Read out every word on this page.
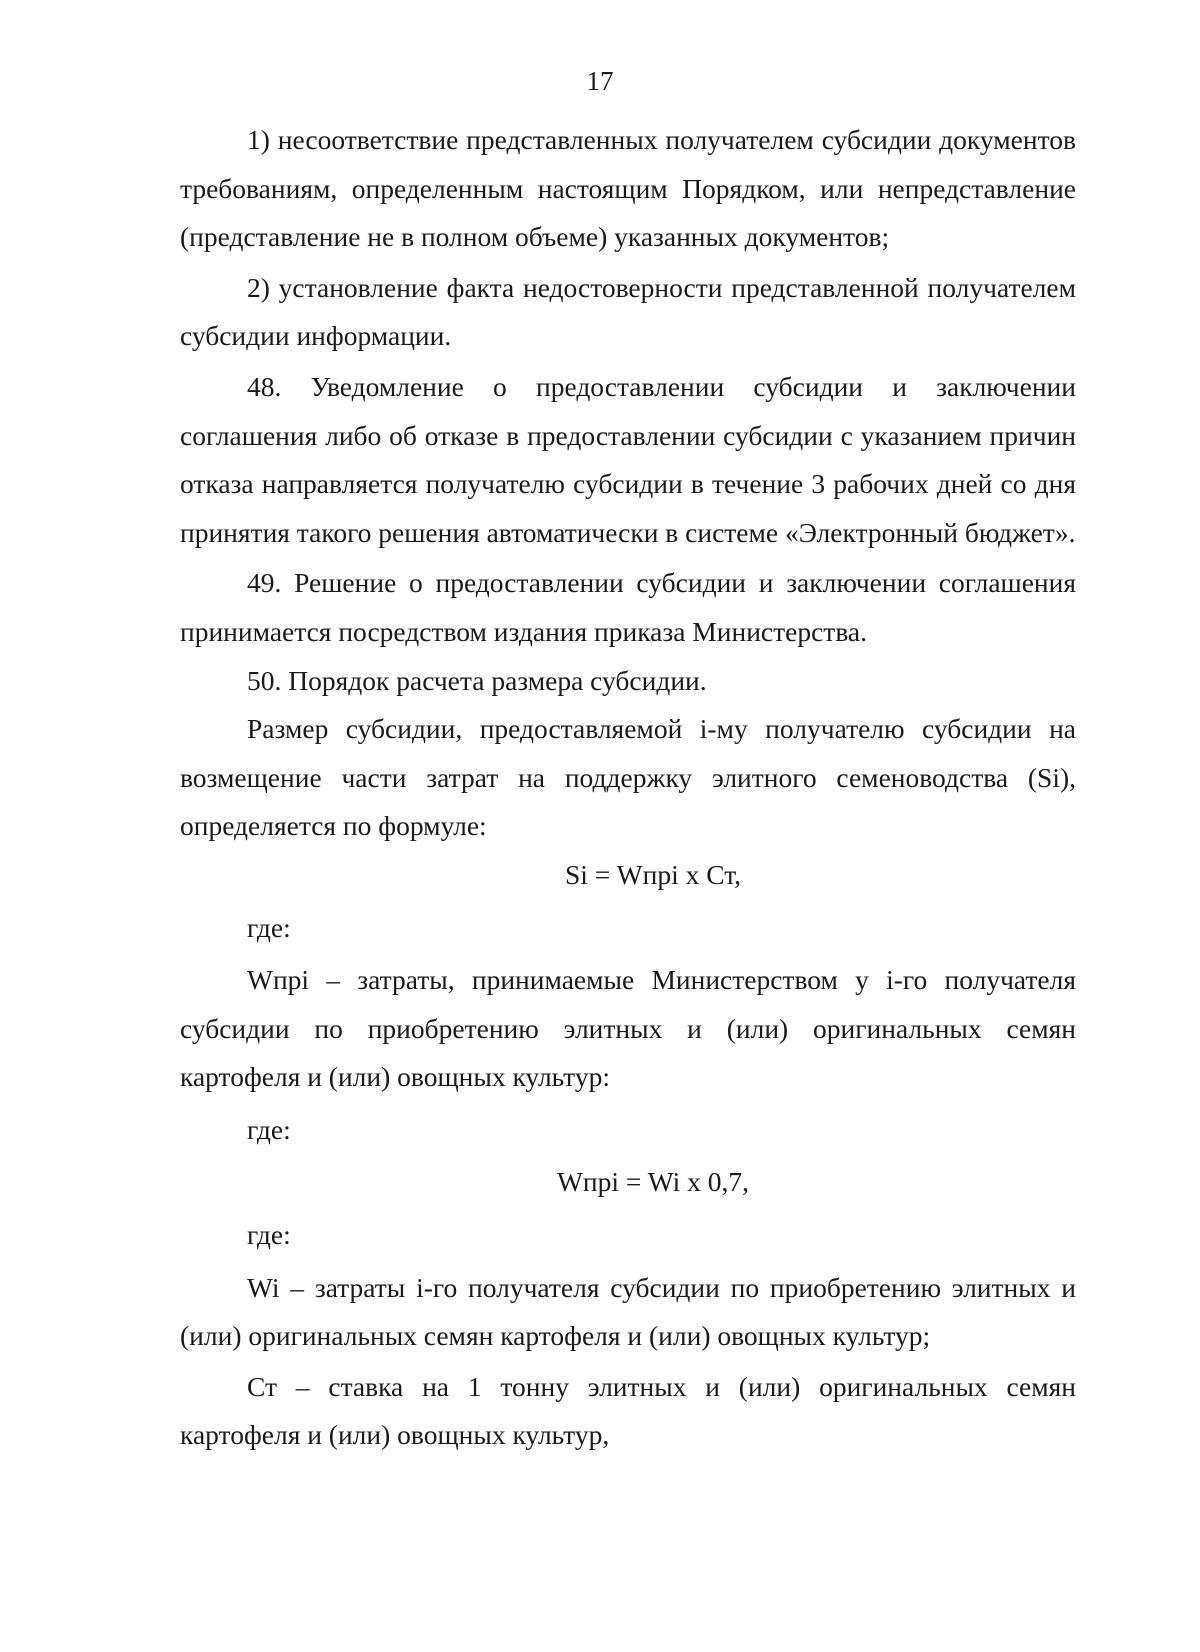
17

1) несоответствие представленных получателем субсидии документов требованиям, определенным настоящим Порядком, или непредставление (представление не в полном объеме) указанных документов;

2) установление факта недостоверности представленной получателем субсидии информации.

48. Уведомление о предоставлении субсидии и заключении соглашения либо об отказе в предоставлении субсидии с указанием причин отказа направляется получателю субсидии в течение 3 рабочих дней со дня принятия такого решения автоматически в системе «Электронный бюджет».

49. Решение о предоставлении субсидии и заключении соглашения принимается посредством издания приказа Министерства.

50. Порядок расчета размера субсидии.

Размер субсидии, предоставляемой i-му получателю субсидии на возмещение части затрат на поддержку элитного семеноводства (Si), определяется по формуле:

Si = Wпpi x Ст,

где:

Wпpi – затраты, принимаемые Министерством у i-го получателя субсидии по приобретению элитных и (или) оригинальных семян картофеля и (или) овощных культур:

где:

Wпpi = Wi x 0,7,

где:

Wi – затраты i-го получателя субсидии по приобретению элитных и (или) оригинальных семян картофеля и (или) овощных культур;

Ст – ставка на 1 тонну элитных и (или) оригинальных семян картофеля и (или) овощных культур,
